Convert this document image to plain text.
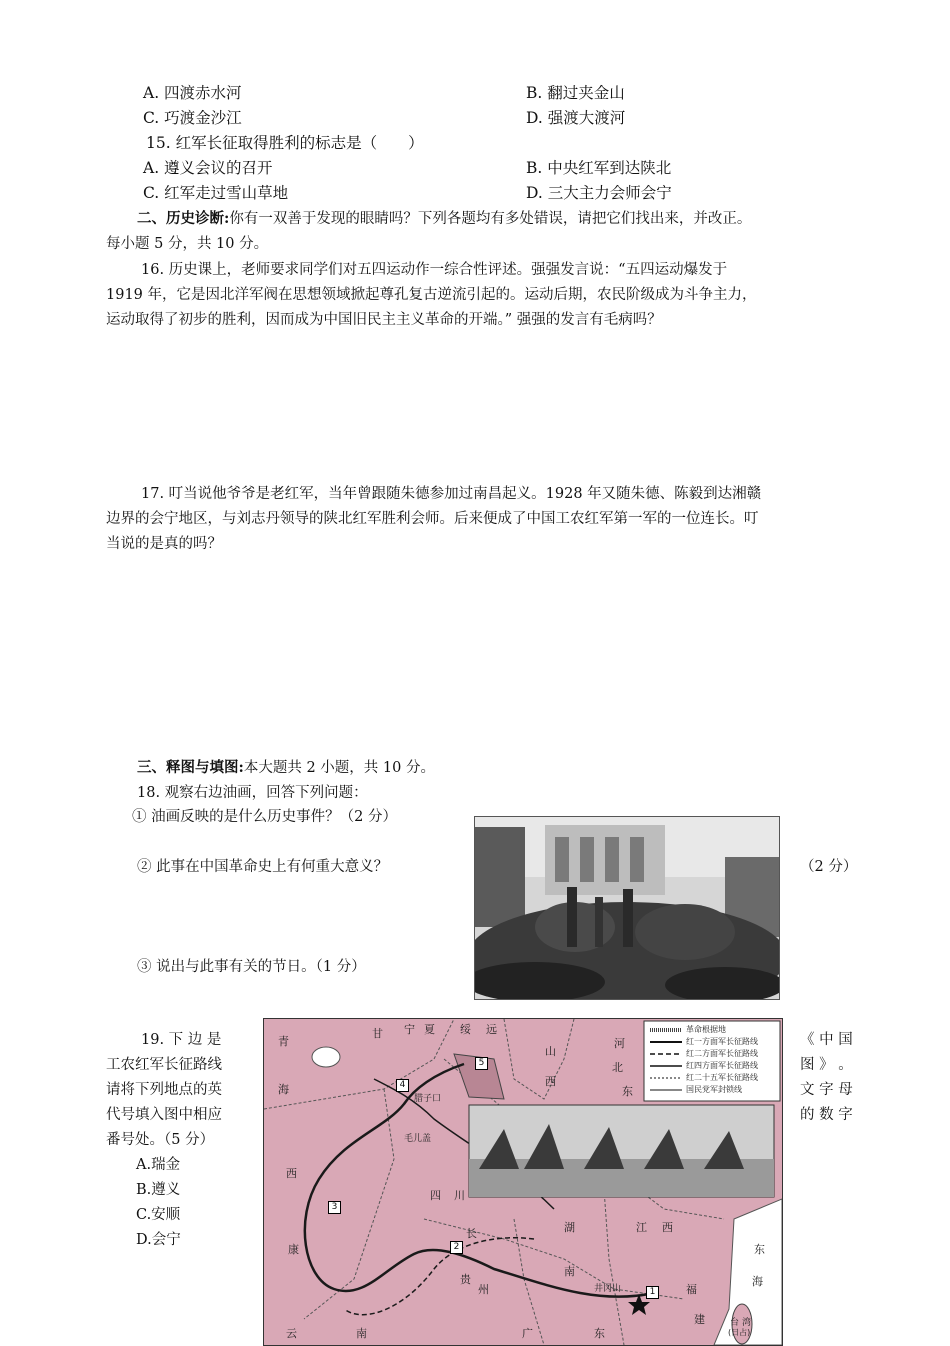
A. 四渡赤水河	B. 翻过夹金山
C. 巧渡金沙江	D. 强渡大渡河
15. 红军长征取得胜利的标志是（　　）
A. 遵义会议的召开	B. 中央红军到达陕北
C. 红军走过雪山草地	D. 三大主力会师会宁
二、历史诊断:你有一双善于发现的眼睛吗？下列各题均有多处错误，请把它们找出来，并改正。
每小题 5 分，共 10 分。
16. 历史课上，老师要求同学们对五四运动作一综合性评述。强强发言说：“五四运动爆发于
1919 年，它是因北洋军阀在思想领域掀起尊孔复古逆流引起的。运动后期，农民阶级成为斗争主力，
运动取得了初步的胜利，因而成为中国旧民主主义革命的开端。” 强强的发言有毛病吗？
17. 叮当说他爷爷是老红军，当年曾跟随朱德参加过南昌起义。1928 年又随朱德、陈毅到达湘赣
边界的会宁地区，与刘志丹领导的陕北红军胜利会师。后来便成了中国工农红军第一军的一位连长。叮
当说的是真的吗？
三、释图与填图:本大题共 2 小题，共 10 分。
18. 观察右边油画，回答下列问题：
① 油画反映的是什么历史事件？（2 分）
② 此事在中国革命史上有何重大意义？	（2 分）
③ 说出与此事有关的节日。（1 分）
19. 下 边 是
工农红军长征路线
请将下列地点的英
代号填入图中相应
番号处。（5 分）
A.瑞金
B.遵义
C.安顺
D.会宁
《 中 国
图 》 。
文 字 母
的 数 字
革命根据地
红一方面军长征路线
红二方面军长征路线
红四方面军长征路线
红二十五军长征路线
国民党军封锁线
青
甘 宁 夏 绥 远
山
河
北
西
东
海
腊子口
毛儿盖
西
四 川
湖	江 西
康
长
南
贵
州	福
建
云	南	广	东
台 湾
(日占)
井冈山
东
海
1
2
3
4
5
